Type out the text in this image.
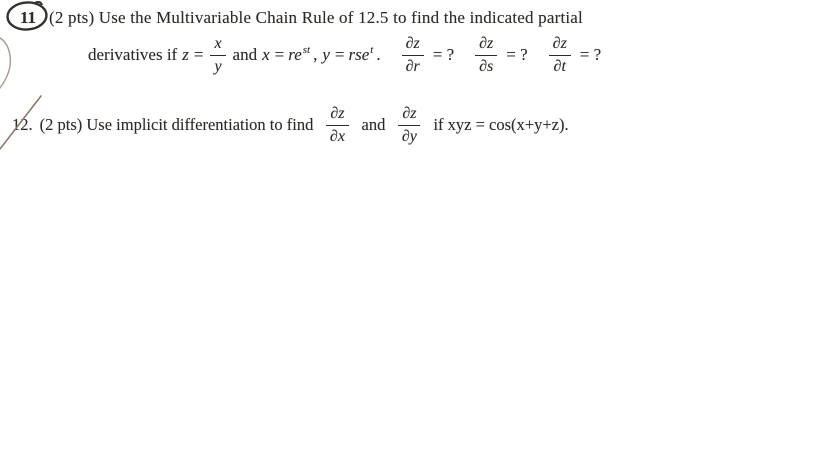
11 (2 pts) Use the Multivariable Chain Rule of 12.5 to find the indicated partial
derivatives if $z = \frac{x}{y}$ and x = rest , y = rset . $\frac{\partial z}{\partial r}$ = ? $\frac{\partial z}{\partial s}$ = ? $\frac{\partial z}{\partial t}$ = ?
12. (2 pts) Use implicit differentiation to find $\frac{\partial z}{\partial x}$ and $\frac{\partial z}{\partial y}$ if xyz = cos(x+y+z).
